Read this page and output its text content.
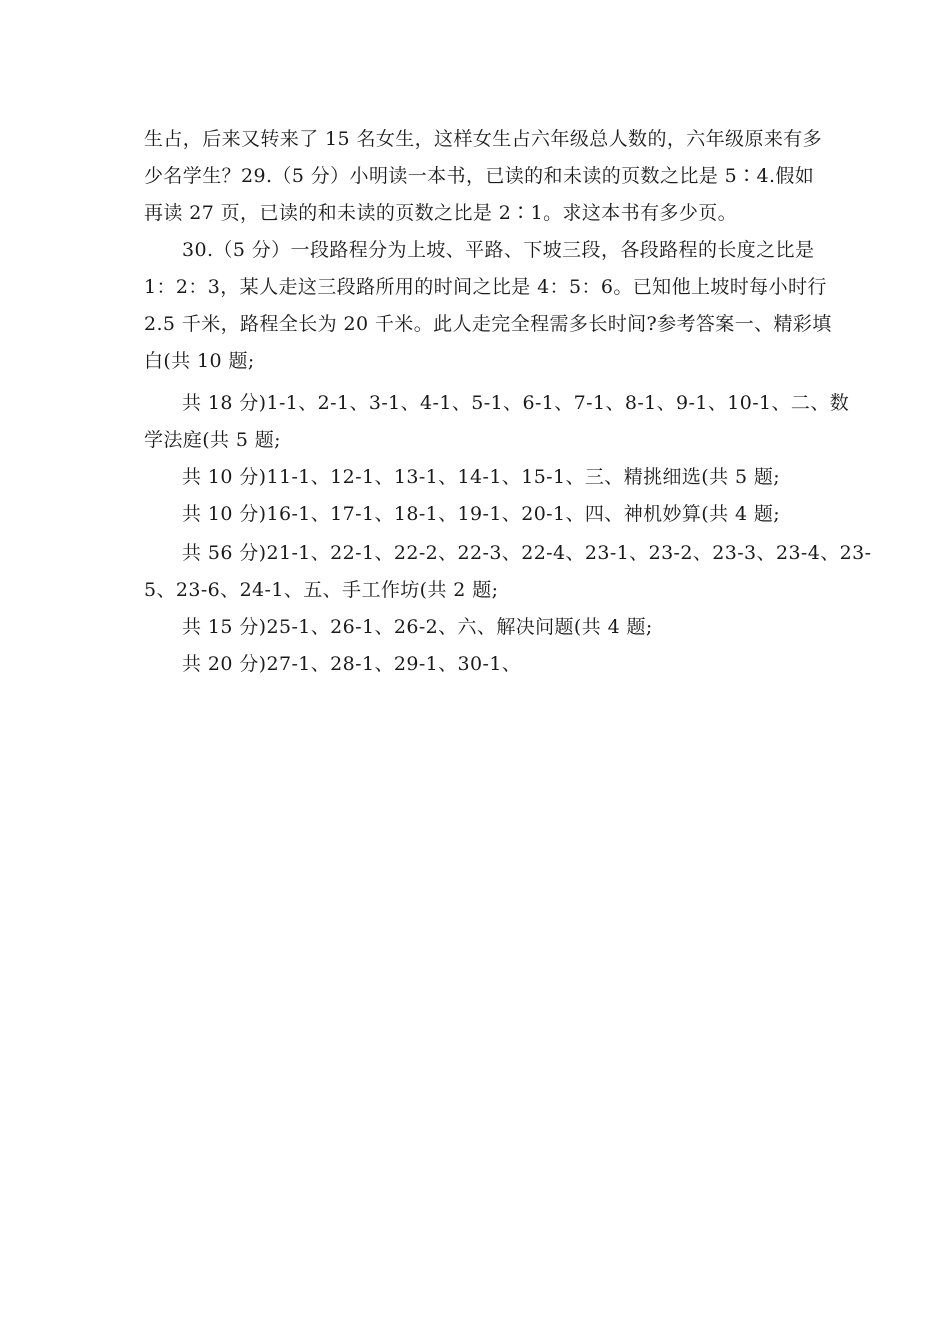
生占，后来又转来了 15 名女生，这样女生占六年级总人数的，六年级原来有多
少名学生？29.（5 分）小明读一本书，已读的和未读的页数之比是 5∶4.假如
再读 27 页，已读的和未读的页数之比是 2∶1。求这本书有多少页。
30.（5 分）一段路程分为上坡、平路、下坡三段，各段路程的长度之比是
1：2：3，某人走这三段路所用的时间之比是 4：5：6。已知他上坡时每小时行
2.5 千米，路程全长为 20 千米。此人走完全程需多长时间?参考答案一、精彩填
白(共 10 题;
共 18 分)1-1、2-1、3-1、4-1、5-1、6-1、7-1、8-1、9-1、10-1、二、数
学法庭(共 5 题;
共 10 分)11-1、12-1、13-1、14-1、15-1、三、精挑细选(共 5 题;
共 10 分)16-1、17-1、18-1、19-1、20-1、四、神机妙算(共 4 题;
共 56 分)21-1、22-1、22-2、22-3、22-4、23-1、23-2、23-3、23-4、23-
5、23-6、24-1、五、手工作坊(共 2 题;
共 15 分)25-1、26-1、26-2、六、解决问题(共 4 题;
共 20 分)27-1、28-1、29-1、30-1、
